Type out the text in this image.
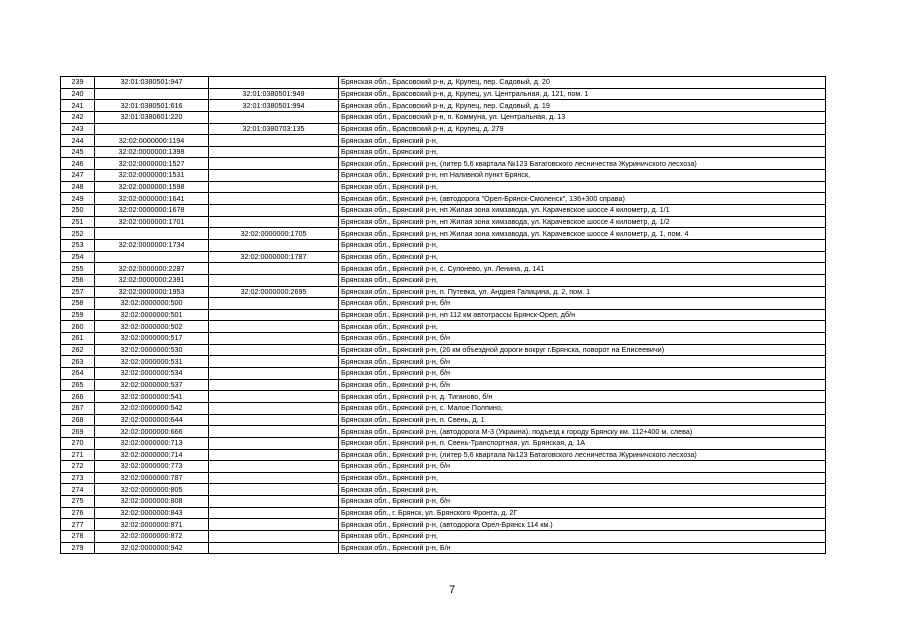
239	32:01:0380501:947		Брянская обл., Брасовский р-н, д. Крупец, пер. Садовый, д. 20
240		32:01:0380501:949	Брянская обл., Брасовский р-н, д. Крупец, ул. Центральная, д. 121, пом. 1
241	32:01:0380501:616	32:01:0380501:994	Брянская обл., Брасовский р-н, д. Крупец, пер. Садовый, д. 19
242	32:01:0380601:220		Брянская обл., Брасовский р-н, п. Коммуна, ул. Центральная, д. 13
243		32:01:0380703:135	Брянская обл., Брасовский р-н, д. Крупец, д. 279
244	32:02:0000000:1194		Брянская обл., Брянский р-н,
245	32:02:0000000:1398		Брянская обл., Брянский р-н,
246	32:02:0000000:1527		Брянская обл., Брянский р-н, (литер 5,6 квартала №123 Батаговского лесничества Журиничского лесхоза)
247	32:02:0000000:1531		Брянская обл., Брянский р-н, нп Наливной пункт Брянск,
248	32:02:0000000:1598		Брянская обл., Брянский р-н,
249	32:02:0000000:1641		Брянская обл., Брянский р-н, (автодорога "Орел-Брянск-Смоленск", 136+300 справа)
250	32:02:0000000:1678		Брянская обл., Брянский р-н, нп Жилая зона химзавода, ул. Карачевское шоссе 4 километр, д. 1/1
251	32:02:0000000:1701		Брянская обл., Брянский р-н, нп Жилая зона химзавода, ул. Карачевское шоссе 4 километр, д. 1/2
252		32:02:0000000:1705	Брянская обл., Брянский р-н, нп Жилая зона химзавода, ул. Карачевское шоссе 4 километр, д. 1, пом. 4
253	32:02:0000000:1734		Брянская обл., Брянский р-н,
254		32:02:0000000:1787	Брянская обл., Брянский р-н,
255	32:02:0000000:2287		Брянская обл., Брянский р-н, с. Супонево, ул. Ленина, д. 141
256	32:02:0000000:2391		Брянская обл., Брянский р-н,
257	32:02:0000000:1953	32:02:0000000:2695	Брянская обл., Брянский р-н, п. Путевка, ул. Андрея Галицина, д. 2, пом. 1
258	32:02:0000000:500		Брянская обл., Брянский р-н, б/н
259	32:02:0000000:501		Брянская обл., Брянский р-н, нп 112 км автотрассы Брянск-Орел, дб/н
260	32:02:0000000:502		Брянская обл., Брянский р-н,
261	32:02:0000000:517		Брянская обл., Брянский р-н, б/н
262	32:02:0000000:530		Брянская обл., Брянский р-н, (26 км объездной дороги вокруг г.Брянска, поворот на Елисеевичи)
263	32:02:0000000:531		Брянская обл., Брянский р-н, б/н
264	32:02:0000000:534		Брянская обл., Брянский р-н, б/н
265	32:02:0000000:537		Брянская обл., Брянский р-н, б/н
266	32:02:0000000:541		Брянская обл., Брянский р-н, д. Тиганово, б/н
267	32:02:0000000:542		Брянская обл., Брянский р-н, с. Малое Полпино,
268	32:02:0000000:644		Брянская обл., Брянский р-н, п. Свень, д. 1
269	32:02:0000000:666		Брянская обл., Брянский р-н, (автодорога М-3 (Украина), подъезд к городу Брянску км. 112+400 м. слева)
270	32:02:0000000:713		Брянская обл., Брянский р-н, п. Свень-Транспортная, ул. Брянская, д. 1А
271	32:02:0000000:714		Брянская обл., Брянский р-н, (литер 5,6 квартала №123 Батаговского лесничества Журиничского лесхоза)
272	32:02:0000000:773		Брянская обл., Брянский р-н, б/н
273	32:02:0000000:787		Брянская обл., Брянский р-н,
274	32:02:0000000:805		Брянская обл., Брянский р-н,
275	32:02:0000000:808		Брянская обл., Брянский р-н, б/н
276	32:02:0000000:843		Брянская обл., г. Брянск, ул. Брянского Фронта, д. 2Г
277	32:02:0000000:871		Брянская обл., Брянский р-н, (автодорога Орел-Брянск 114 км.)
278	32:02:0000000:872		Брянская обл., Брянский р-н,
279	32:02:0000000:942		Брянская обл., Брянский р-н, Б/н
7
